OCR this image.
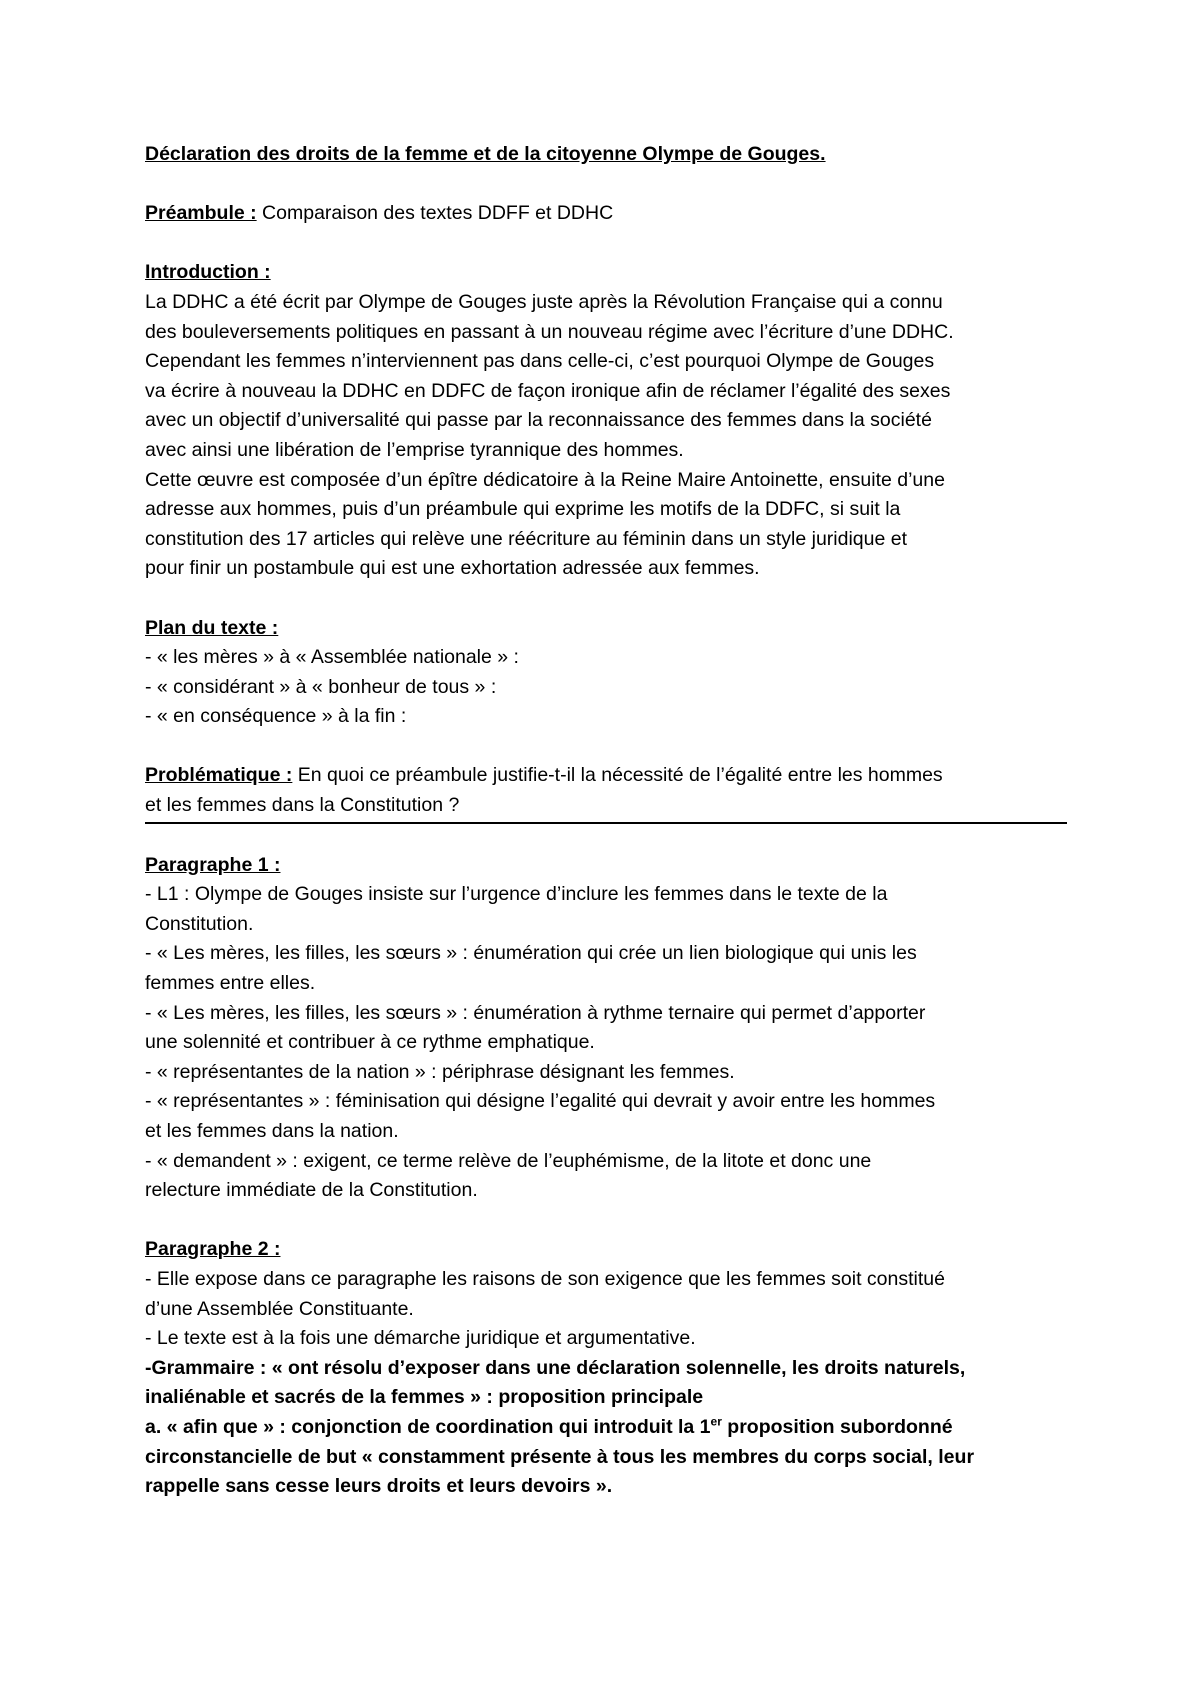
Déclaration des droits de la femme et de la citoyenne Olympe de Gouges.

Préambule : Comparaison des textes DDFF et DDHC

Introduction :

La DDHC a été écrit par Olympe de Gouges juste après la Révolution Française qui a connu

des bouleversements politiques en passant à un nouveau régime avec l’écriture d’une DDHC.

Cependant les femmes n’interviennent pas dans celle-ci, c’est pourquoi Olympe de Gouges

va écrire à nouveau la DDHC en DDFC de façon ironique afin de réclamer l’égalité des sexes

avec un objectif d’universalité qui passe par la reconnaissance des femmes dans la société

avec ainsi une libération de l’emprise tyrannique des hommes.

Cette œuvre est composée d’un épître dédicatoire à la Reine Maire Antoinette, ensuite d’une

adresse aux hommes, puis d’un préambule qui exprime les motifs de la DDFC, si suit la

constitution des 17 articles qui relève une réécriture au féminin dans un style juridique et

pour finir un postambule qui est une exhortation adressée aux femmes.

Plan du texte :

- « les mères » à « Assemblée nationale » :

- « considérant » à « bonheur de tous » :

- « en conséquence » à la fin :

Problématique : En quoi ce préambule justifie-t-il la nécessité de l’égalité entre les hommes

et les femmes dans la Constitution ?

Paragraphe 1 :

- L1 : Olympe de Gouges insiste sur l’urgence d’inclure les femmes dans le texte de la

Constitution.

- « Les mères, les filles, les sœurs » : énumération qui crée un lien biologique qui unis les

femmes entre elles.

- « Les mères, les filles, les sœurs » : énumération à rythme ternaire qui permet d’apporter

une solennité et contribuer à ce rythme emphatique.

- « représentantes de la nation » : périphrase désignant les femmes.

- « représentantes » : féminisation qui désigne l’egalité qui devrait y avoir entre les hommes

et les femmes dans la nation.

- « demandent » : exigent, ce terme relève de l’euphémisme, de la litote et donc une

relecture immédiate de la Constitution.

Paragraphe 2 :

- Elle expose dans ce paragraphe les raisons de son exigence que les femmes soit constitué

d’une Assemblée Constituante.

- Le texte est à la fois une démarche juridique et argumentative.

-Grammaire : « ont résolu d’exposer dans une déclaration solennelle, les droits naturels,

inaliénable et sacrés de la femmes » : proposition principale

a. « afin que » : conjonction de coordination qui introduit la 1er proposition subordonné

circonstancielle de but « constamment présente à tous les membres du corps social, leur

rappelle sans cesse leurs droits et leurs devoirs ».
